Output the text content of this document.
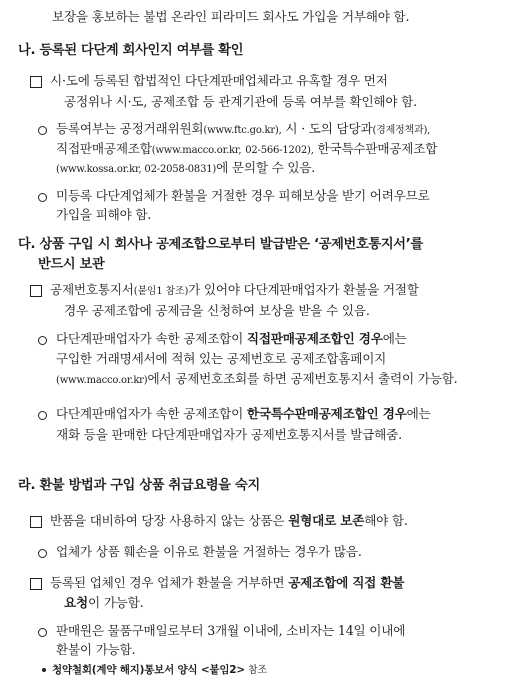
보장을 홍보하는 불법 온라인 피라미드 회사도 가입을 거부해야 함.
나. 등록된 다단계 회사인지 여부를 확인
시·도에 등록된 합법적인 다단계판매업체라고 유혹할 경우 먼저
공정위나 시·도, 공제조합 등 관계기관에 등록 여부를 확인해야 함.
등록여부는 공정거래위원회(www.ftc.go.kr), 시 · 도의 담당과(경제정책과),
직접판매공제조합(www.macco.or.kr, 02-566-1202), 한국특수판매공제조합
(www.kossa.or.kr, 02-2058-0831)에 문의할 수 있음.
미등록 다단계업체가 환불을 거절한 경우 피해보상을 받기 어려우므로
가입을 피해야 함.
다. 상품 구입 시 회사나 공제조합으로부터 발급받은 ‘공제번호통지서’를
반드시 보관
공제번호통지서(붙임1 참조)가 있어야 다단계판매업자가 환불을 거절할
경우 공제조합에 공제금을 신청하여 보상을 받을 수 있음.
다단계판매업자가 속한 공제조합이 직접판매공제조합인 경우에는
구입한 거래명세서에 적혀 있는 공제번호로 공제조합홈페이지
(www.macco.or.kr)에서 공제번호조회를 하면 공제번호통지서 출력이 가능함.
다단계판매업자가 속한 공제조합이 한국특수판매공제조합인 경우에는
재화 등을 판매한 다단계판매업자가 공제번호통지서를 발급해줌.
라. 환불 방법과 구입 상품 취급요령을 숙지
반품을 대비하여 당장 사용하지 않는 상품은 원형대로 보존해야 함.
업체가 상품 훼손을 이유로 환불을 거절하는 경우가 많음.
등록된 업체인 경우 업체가 환불을 거부하면 공제조합에 직접 환불
요청이 가능함.
판매원은 물품구매일로부터 3개월 이내에, 소비자는 14일 이내에
환불이 가능함.
청약철회(계약 해지)통보서 양식 <붙임2> 참조
